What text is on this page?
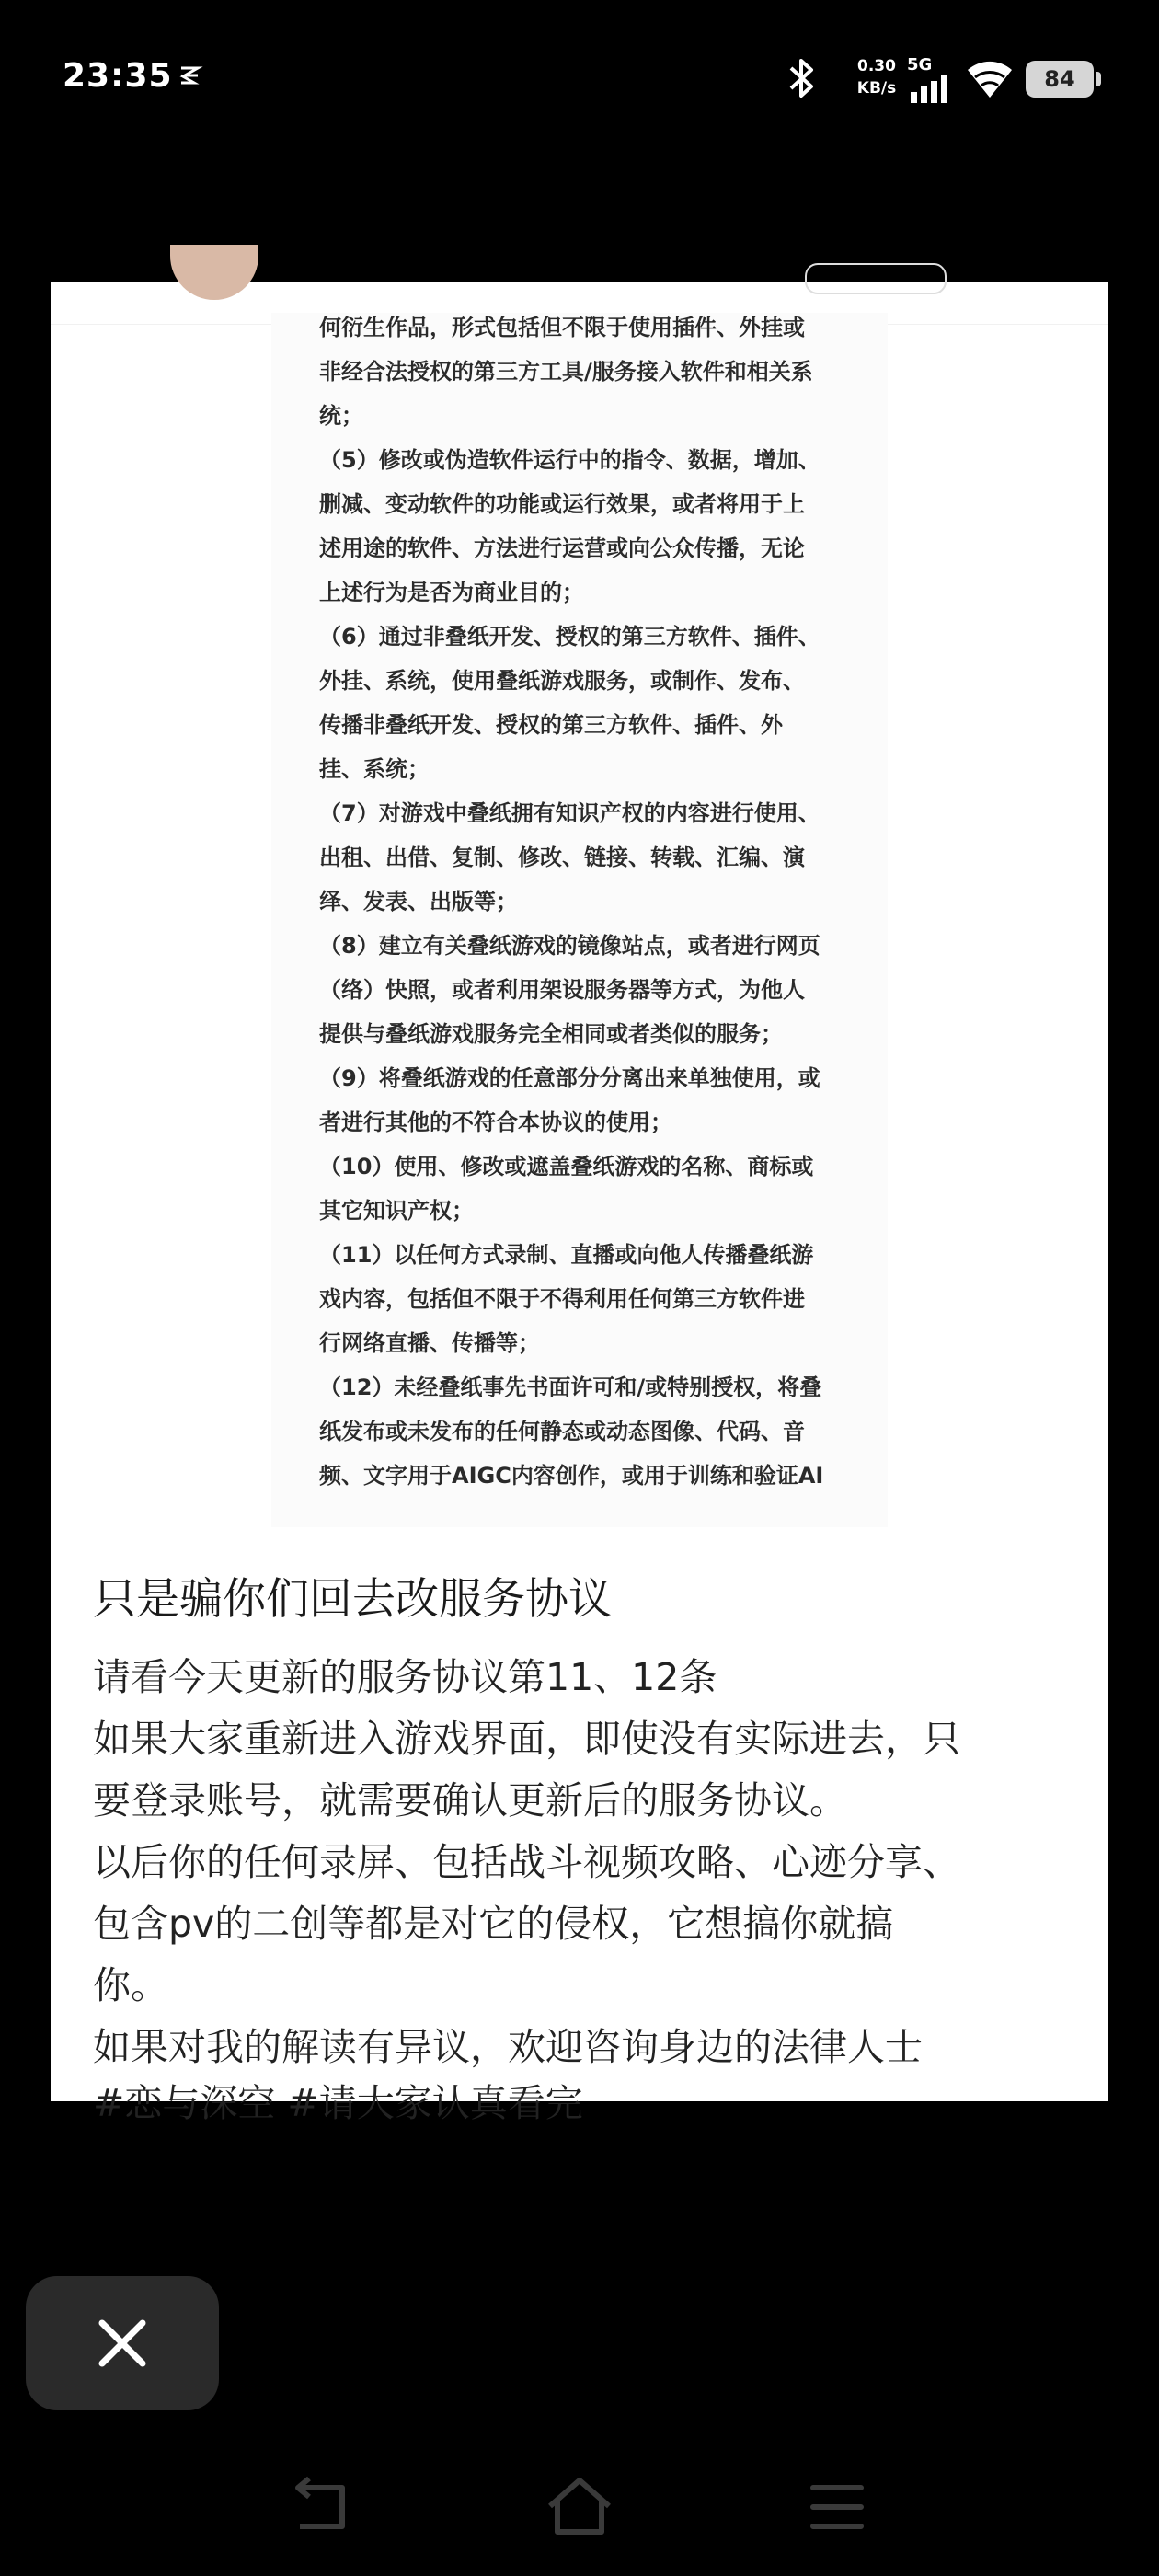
23:35	0.30
KB/s
5G
84
何衍生作品，形式包括但不限于使用插件、外挂或
非经合法授权的第三方工具/服务接入软件和相关系
统；
（5）修改或伪造软件运行中的指令、数据，增加、
删减、变动软件的功能或运行效果，或者将用于上
述用途的软件、方法进行运营或向公众传播，无论
上述行为是否为商业目的；
（6）通过非叠纸开发、授权的第三方软件、插件、
外挂、系统，使用叠纸游戏服务，或制作、发布、
传播非叠纸开发、授权的第三方软件、插件、外
挂、系统；
（7）对游戏中叠纸拥有知识产权的内容进行使用、
出租、出借、复制、修改、链接、转载、汇编、演
绎、发表、出版等；
（8）建立有关叠纸游戏的镜像站点，或者进行网页
（络）快照，或者利用架设服务器等方式，为他人
提供与叠纸游戏服务完全相同或者类似的服务；
（9）将叠纸游戏的任意部分分离出来单独使用，或
者进行其他的不符合本协议的使用；
（10）使用、修改或遮盖叠纸游戏的名称、商标或
其它知识产权；
（11）以任何方式录制、直播或向他人传播叠纸游
戏内容，包括但不限于不得利用任何第三方软件进
行网络直播、传播等；
（12）未经叠纸事先书面许可和/或特别授权，将叠
纸发布或未发布的任何静态或动态图像、代码、音
频、文字用于AIGC内容创作，或用于训练和验证AI
只是骗你们回去改服务协议
请看今天更新的服务协议第11、12条
如果大家重新进入游戏界面，即使没有实际进去，只
要登录账号，就需要确认更新后的服务协议。
以后你的任何录屏、包括战斗视频攻略、心迹分享、
包含pv的二创等都是对它的侵权，它想搞你就搞
你。
如果对我的解读有异议，欢迎咨询身边的法律人士
#恋与深空 #请大家认真看完
